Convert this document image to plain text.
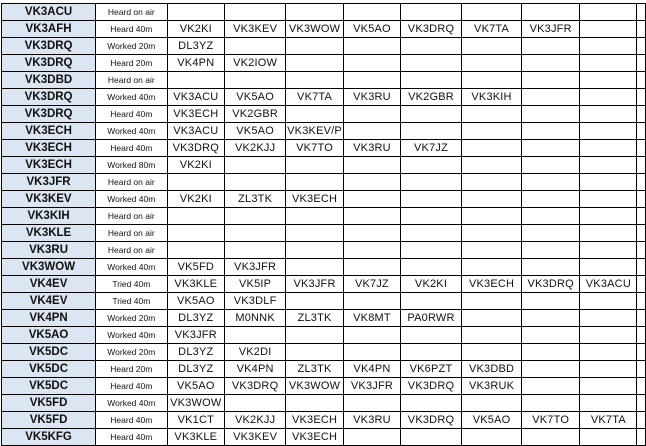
VK3ACU	Heard on air									
VK3AFH	Heard 40m	VK2KI	VK3KEV	VK3WOW	VK5AO	VK3DRQ	VK7TA	VK3JFR		
VK3DRQ	Worked 20m	DL3YZ								
VK3DRQ	Heard 20m	VK4PN	VK2IOW							
VK3DBD	Heard on air									
VK3DRQ	Worked 40m	VK3ACU	VK5AO	VK7TA	VK3RU	VK2GBR	VK3KIH			
VK3DRQ	Heard 40m	VK3ECH	VK2GBR							
VK3ECH	Worked 40m	VK3ACU	VK5AO	VK3KEV/P						
VK3ECH	Heard 40m	VK3DRQ	VK2KJJ	VK7TO	VK3RU	VK7JZ				
VK3ECH	Worked 80m	VK2KI								
VK3JFR	Heard on air									
VK3KEV	Worked 40m	VK2KI	ZL3TK	VK3ECH						
VK3KIH	Heard on air									
VK3KLE	Heard on air									
VK3RU	Heard on air									
VK3WOW	Worked 40m	VK5FD	VK3JFR							
VK4EV	Tried 40m	VK3KLE	VK5IP	VK3JFR	VK7JZ	VK2KI	VK3ECH	VK3DRQ	VK3ACU	
VK4EV	Tried 40m	VK5AO	VK3DLF							
VK4PN	Worked 20m	DL3YZ	M0NNK	ZL3TK	VK8MT	PA0RWR				
VK5AO	Worked 40m	VK3JFR								
VK5DC	Worked 20m	DL3YZ	VK2DI							
VK5DC	Heard 20m	DL3YZ	VK4PN	ZL3TK	VK4PN	VK6PZT	VK3DBD			
VK5DC	Heard 40m	VK5AO	VK3DRQ	VK3WOW	VK3JFR	VK3DRQ	VK3RUK			
VK5FD	Worked 40m	VK3WOW								
VK5FD	Heard 40m	VK1CT	VK2KJJ	VK3ECH	VK3RU	VK3DRQ	VK5AO	VK7TO	VK7TA	
VK5KFG	Heard 40m	VK3KLE	VK3KEV	VK3ECH						
